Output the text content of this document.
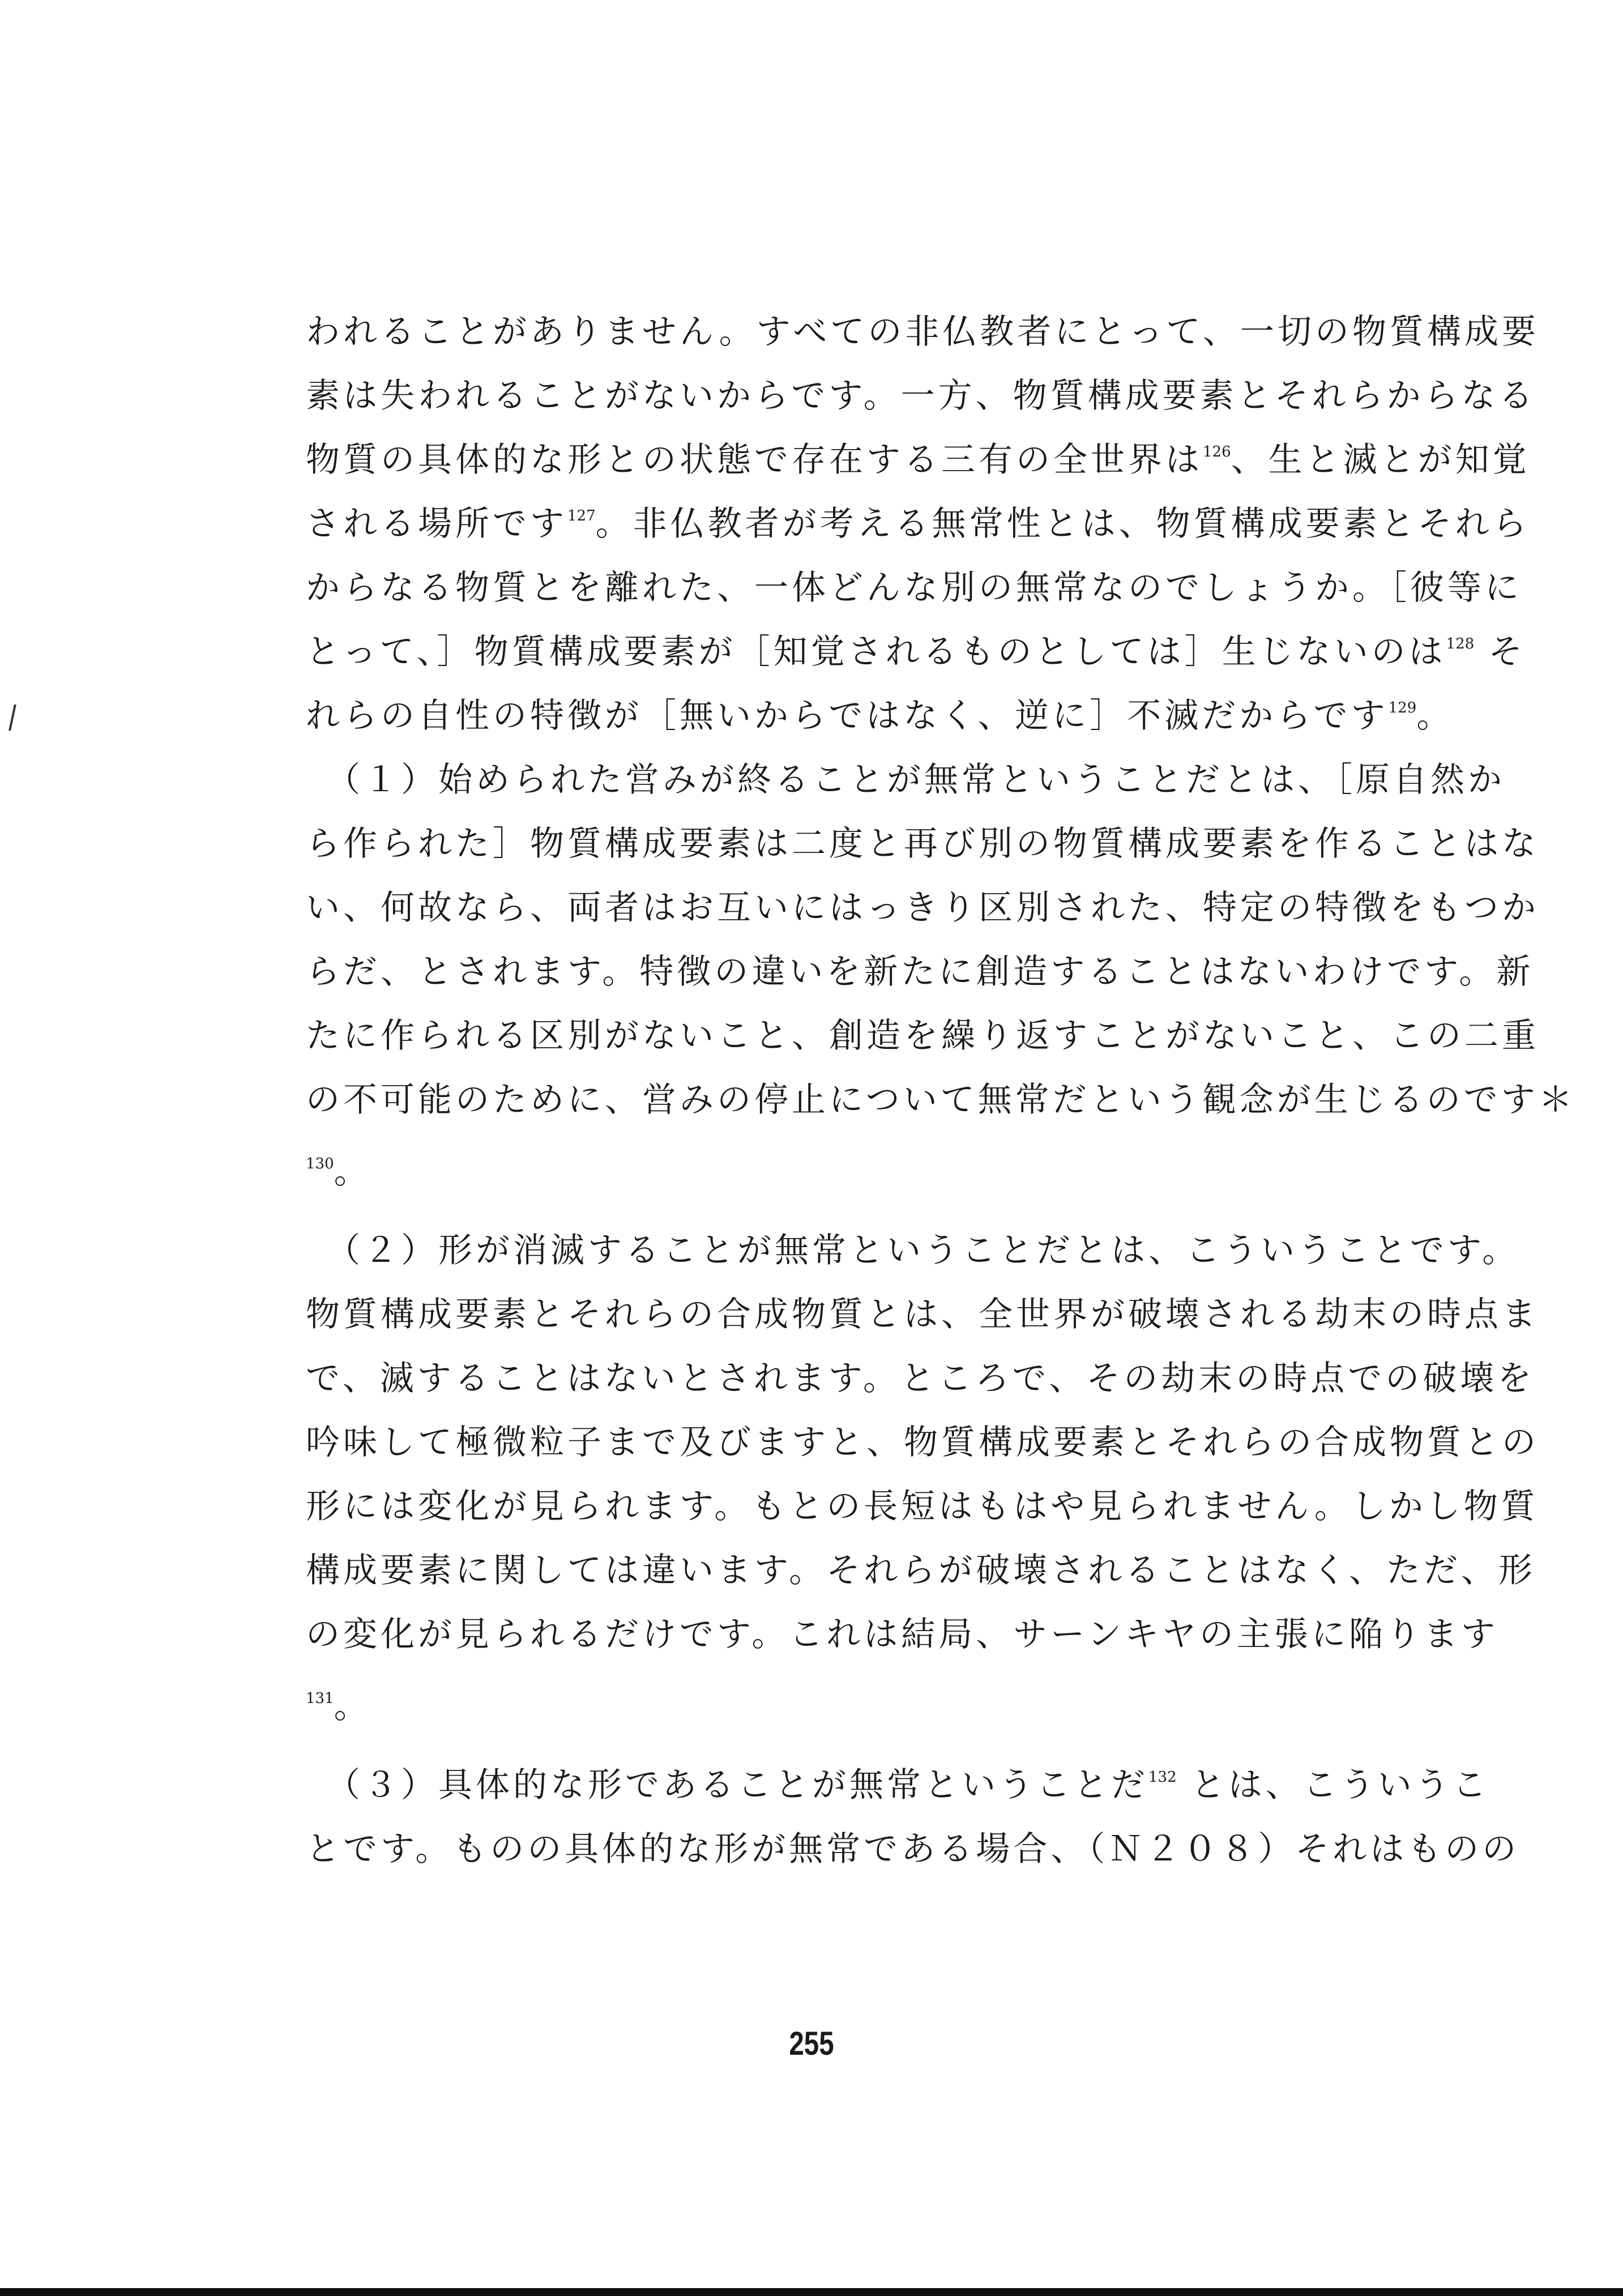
われることがありません。すべての非仏教者にとって、一切の物質構成要
素は失われることがないからです。一方、物質構成要素とそれらからなる
物質の具体的な形との状態で存在する三有の全世界は$^{126}$、生と滅とが知覚
される場所です$^{127}$。非仏教者が考える無常性とは、物質構成要素とそれら
からなる物質とを離れた、一体どんな別の無常なのでしょうか。［彼等に
とって、］物質構成要素が［知覚されるものとしては］生じないのは$^{128}$ そ
れらの自性の特徴が［無いからではなく、逆に］不滅だからです$^{129}$。
　（１）始められた営みが終ることが無常ということだとは、［原自然か
ら作られた］物質構成要素は二度と再び別の物質構成要素を作ることはな
い、何故なら、両者はお互いにはっきり区別された、特定の特徴をもつか
らだ、とされます。特徴の違いを新たに創造することはないわけです。新
たに作られる区別がないこと、創造を繰り返すことがないこと、この二重
の不可能のために、営みの停止について無常だという観念が生じるのです＊
$^{130}$。
　（２）形が消滅することが無常ということだとは、こういうことです。
物質構成要素とそれらの合成物質とは、全世界が破壊される劫末の時点ま
で、滅することはないとされます。ところで、その劫末の時点での破壊を
吟味して極微粒子まで及びますと、物質構成要素とそれらの合成物質との
形には変化が見られます。もとの長短はもはや見られません。しかし物質
構成要素に関しては違います。それらが破壊されることはなく、ただ、形
の変化が見られるだけです。これは結局、サーンキヤの主張に陥ります
$^{131}$。
　（３）具体的な形であることが無常ということだ$^{132}$ とは、こういうこ
とです。ものの具体的な形が無常である場合、（Ｎ２０８）それはものの
255
